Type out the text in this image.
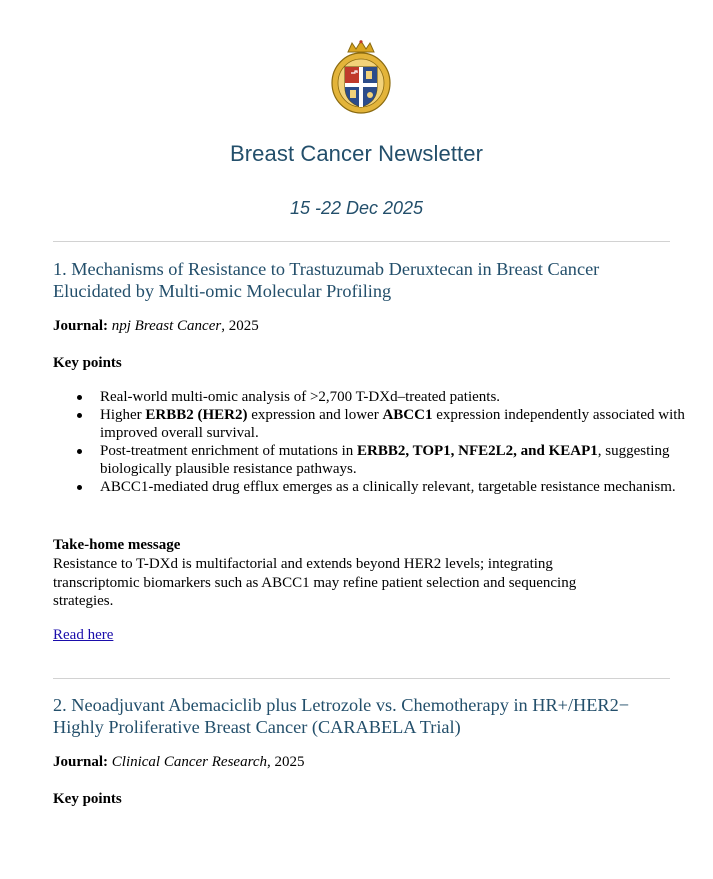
Breast Cancer Newsletter
15 -22 Dec 2025
1. Mechanisms of Resistance to Trastuzumab Deruxtecan in Breast Cancer Elucidated by Multi-omic Molecular Profiling
Journal: npj Breast Cancer, 2025
Key points
Real-world multi-omic analysis of >2,700 T-DXd–treated patients.
Higher ERBB2 (HER2) expression and lower ABCC1 expression independently associated with improved overall survival.
Post-treatment enrichment of mutations in ERBB2, TOP1, NFE2L2, and KEAP1, suggesting biologically plausible resistance pathways.
ABCC1-mediated drug efflux emerges as a clinically relevant, targetable resistance mechanism.
Take-home message
Resistance to T-DXd is multifactorial and extends beyond HER2 levels; integrating transcriptomic biomarkers such as ABCC1 may refine patient selection and sequencing strategies.
Read here
2. Neoadjuvant Abemaciclib plus Letrozole vs. Chemotherapy in HR+/HER2− Highly Proliferative Breast Cancer (CARABELA Trial)
Journal: Clinical Cancer Research, 2025
Key points
